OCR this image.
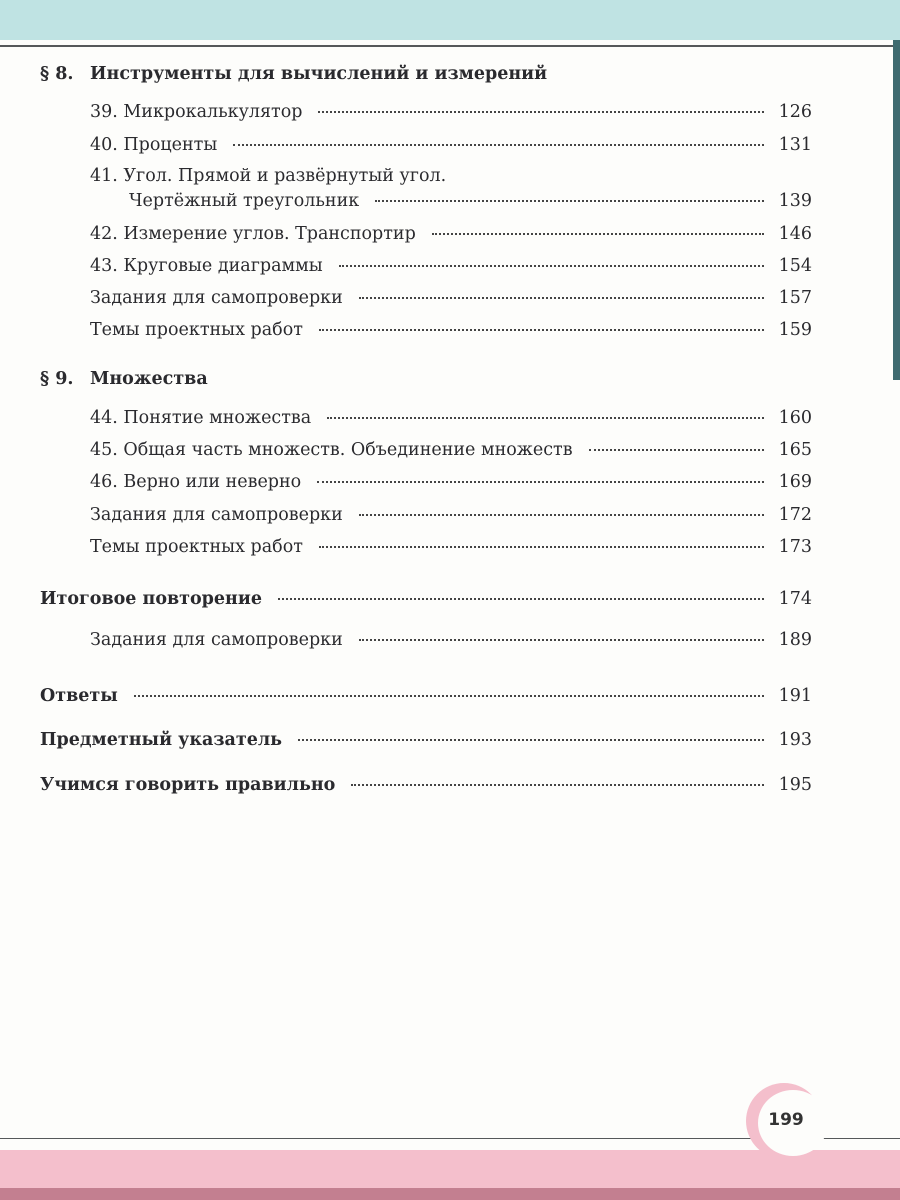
§ 8. Инструменты для вычислений и измерений
39. Микрокалькулятор	126
40. Проценты	131
41. Угол. Прямой и развёрнутый угол.
Чертёжный треугольник	139
42. Измерение углов. Транспортир	146
43. Круговые диаграммы	154
Задания для самопроверки	157
Темы проектных работ	159
§ 9. Множества
44. Понятие множества	160
45. Общая часть множеств. Объединение множеств	165
46. Верно или неверно	169
Задания для самопроверки	172
Темы проектных работ	173
Итоговое повторение	174
Задания для самопроверки	189
Ответы	191
Предметный указатель	193
Учимся говорить правильно	195
199
